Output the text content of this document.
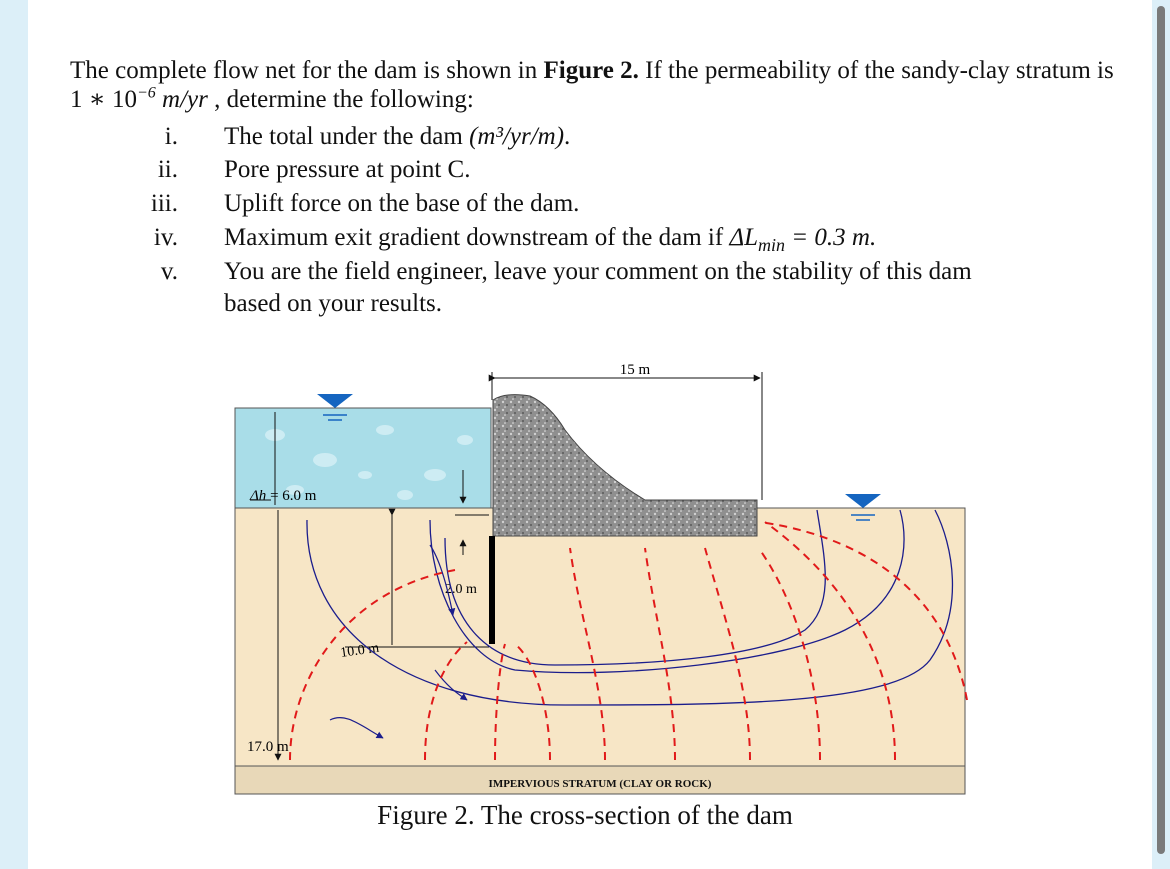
The complete flow net for the dam is shown in Figure 2. If the permeability of the sandy-clay stratum is 1 ∗ $10^{-6}$ m/yr , determine the following:
i. The total under the dam (m³/yr/m).
ii. Pore pressure at point C.
iii. Uplift force on the base of the dam.
iv. Maximum exit gradient downstream of the dam if $\Delta L_{min} = 0.3$ m.
v. You are the field engineer, leave your comment on the stability of this dam
based on your results.
IMPERVIOUS STRATUM (CLAY OR ROCK)
15 m
Δh = 6.0 m
2.0 m
10.0 m
17.0 m
Figure 2. The cross-section of the dam
